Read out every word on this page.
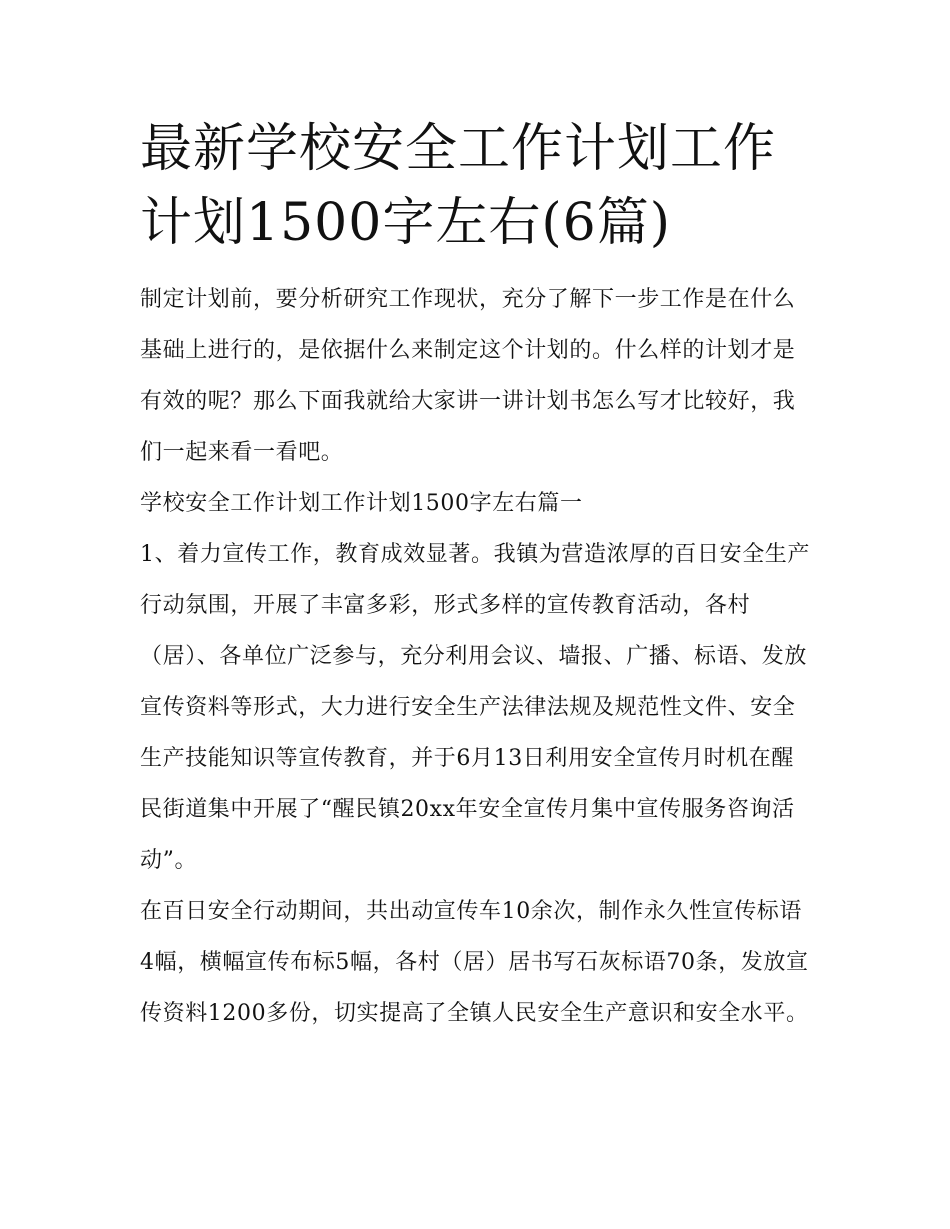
最新学校安全工作计划工作计划1500字左右(6篇)

制定计划前，要分析研究工作现状，充分了解下一步工作是在什么基础上进行的，是依据什么来制定这个计划的。什么样的计划才是有效的呢？那么下面我就给大家讲一讲计划书怎么写才比较好，我们一起来看一看吧。

学校安全工作计划工作计划1500字左右篇一

1、着力宣传工作，教育成效显著。我镇为营造浓厚的百日安全生产行动氛围，开展了丰富多彩，形式多样的宣传教育活动，各村（居）、各单位广泛参与，充分利用会议、墙报、广播、标语、发放宣传资料等形式，大力进行安全生产法律法规及规范性文件、安全生产技能知识等宣传教育，并于6月13日利用安全宣传月时机在醒民街道集中开展了“醒民镇20xx年安全宣传月集中宣传服务咨询活动”。

在百日安全行动期间，共出动宣传车10余次，制作永久性宣传标语4幅，横幅宣传布标5幅，各村（居）居书写石灰标语70条，发放宣传资料1200多份，切实提高了全镇人民安全生产意识和安全水平。
